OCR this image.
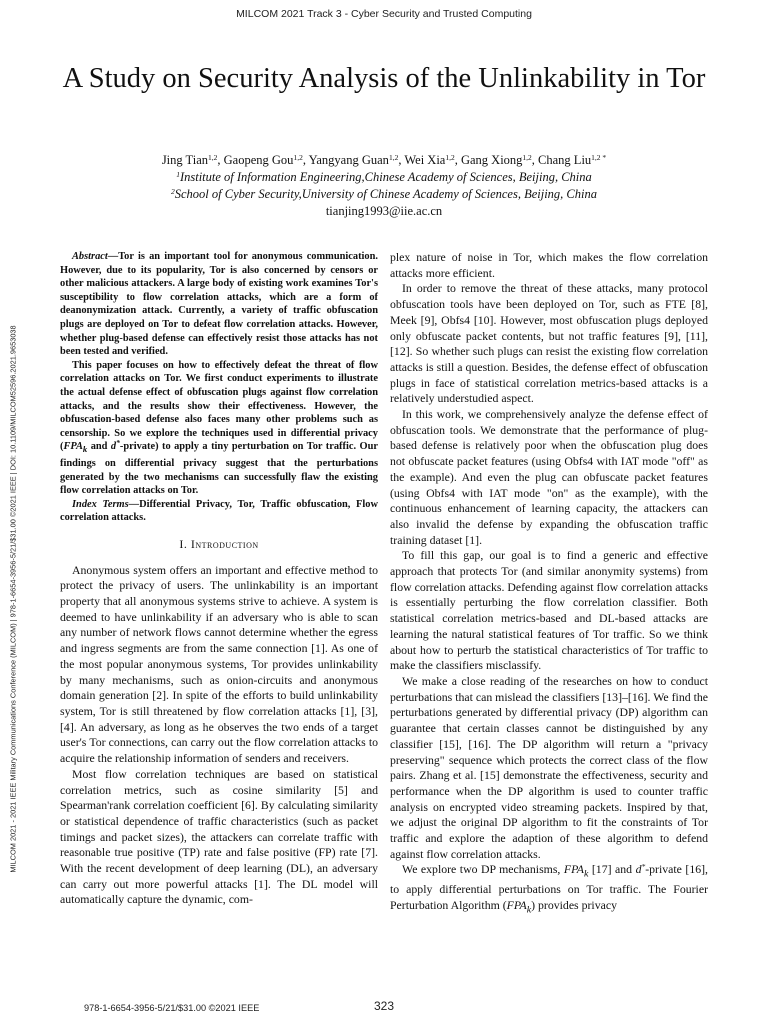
MILCOM 2021 Track 3 - Cyber Security and Trusted Computing
A Study on Security Analysis of the Unlinkability in Tor
Jing Tian$^{1,2}$, Gaopeng Gou$^{1,2}$, Yangyang Guan$^{1,2}$, Wei Xia$^{1,2}$, Gang Xiong$^{1,2}$, Chang Liu$^{1,2 *}$
$^1$Institute of Information Engineering,Chinese Academy of Sciences, Beijing, China
$^2$School of Cyber Security,University of Chinese Academy of Sciences, Beijing, China
tianjing1993@iie.ac.cn
MILCOM 2021 - 2021 IEEE Military Communications Conference (MILCOM) | 978-1-6654-3956-5/21/$31.00 ©2021 IEEE | DOI: 10.1109/MILCOM52596.2021.9653038

Abstract—Tor is an important tool for anonymous communication. However, due to its popularity, Tor is also concerned by censors or other malicious attackers. A large body of existing work examines Tor's susceptibility to flow correlation attacks, which are a form of deanonymization attack. Currently, a variety of traffic obfuscation plugs are deployed on Tor to defeat flow correlation attacks. However, whether plug-based defense can effectively resist those attacks has not been tested and verified.

This paper focuses on how to effectively defeat the threat of flow correlation attacks on Tor. We first conduct experiments to illustrate the actual defense effect of obfuscation plugs against flow correlation attacks, and the results show their effectiveness. However, the obfuscation-based defense also faces many other problems such as censorship. So we explore the techniques used in differential privacy ($FPA_k$ and d*-private) to apply a tiny perturbation on Tor traffic. Our findings on differential privacy suggest that the perturbations generated by the two mechanisms can successfully flaw the existing flow correlation attacks on Tor.

Index Terms—Differential Privacy, Tor, Traffic obfuscation, Flow correlation attacks.

I. Introduction

Anonymous system offers an important and effective method to protect the privacy of users. The unlinkability is an important property that all anonymous systems strive to achieve. A system is deemed to have unlinkability if an adversary who is able to scan any number of network flows cannot determine whether the egress and ingress segments are from the same connection [1]. As one of the most popular anonymous systems, Tor provides unlinkability by many mechanisms, such as onion-circuits and anonymous domain generation [2]. In spite of the efforts to build unlinkability system, Tor is still threatened by flow correlation attacks [1], [3], [4]. An adversary, as long as he observes the two ends of a target user's Tor connections, can carry out the flow correlation attacks to acquire the relationship information of senders and receivers.

Most flow correlation techniques are based on statistical correlation metrics, such as cosine similarity [5] and Spearman'rank correlation coefficient [6]. By calculating similarity or statistical dependence of traffic characteristics (such as packet timings and packet sizes), the attackers can correlate traffic with reasonable true positive (TP) rate and false positive (FP) rate [7]. With the recent development of deep learning (DL), an adversary can carry out more powerful attacks [1]. The DL model will automatically capture the dynamic, com-

plex nature of noise in Tor, which makes the flow correlation attacks more efficient.

In order to remove the threat of these attacks, many protocol obfuscation tools have been deployed on Tor, such as FTE [8], Meek [9], Obfs4 [10]. However, most obfuscation plugs deployed only obfuscate packet contents, but not traffic features [9], [11], [12]. So whether such plugs can resist the existing flow correlation attacks is still a question. Besides, the defense effect of obfuscation plugs in face of statistical correlation metrics-based attacks is a relatively understudied aspect.

In this work, we comprehensively analyze the defense effect of obfuscation tools. We demonstrate that the performance of plug-based defense is relatively poor when the obfuscation plug does not obfuscate packet features (using Obfs4 with IAT mode "off" as the example). And even the plug can obfuscate packet features (using Obfs4 with IAT mode "on" as the example), with the continuous enhancement of learning capacity, the attackers can also invalid the defense by expanding the obfuscation traffic training dataset [1].

To fill this gap, our goal is to find a generic and effective approach that protects Tor (and similar anonymity systems) from flow correlation attacks. Defending against flow correlation attacks is essentially perturbing the flow correlation classifier. Both statistical correlation metrics-based and DL-based attacks are learning the natural statistical features of Tor traffic. So we think about how to perturb the statistical characteristics of Tor traffic to make the classifiers misclassify.

We make a close reading of the researches on how to conduct perturbations that can mislead the classifiers [13]–[16]. We find the perturbations generated by differential privacy (DP) algorithm can guarantee that certain classes cannot be distinguished by any classifier [15], [16]. The DP algorithm will return a "privacy preserving" sequence which protects the correct class of the flow pairs. Zhang et al. [15] demonstrate the effectiveness, security and performance when the DP algorithm is used to counter traffic analysis on encrypted video streaming packets. Inspired by that, we adjust the original DP algorithm to fit the constraints of Tor traffic and explore the adaption of these algorithm to defend against flow correlation attacks.

We explore two DP mechanisms, $FPA_k$ [17] and d*-private [16], to apply differential perturbations on Tor traffic. The Fourier Perturbation Algorithm $(FPA_k)$ provides privacy

978-1-6654-3956-5/21/$31.00 ©2021 IEEE	323
